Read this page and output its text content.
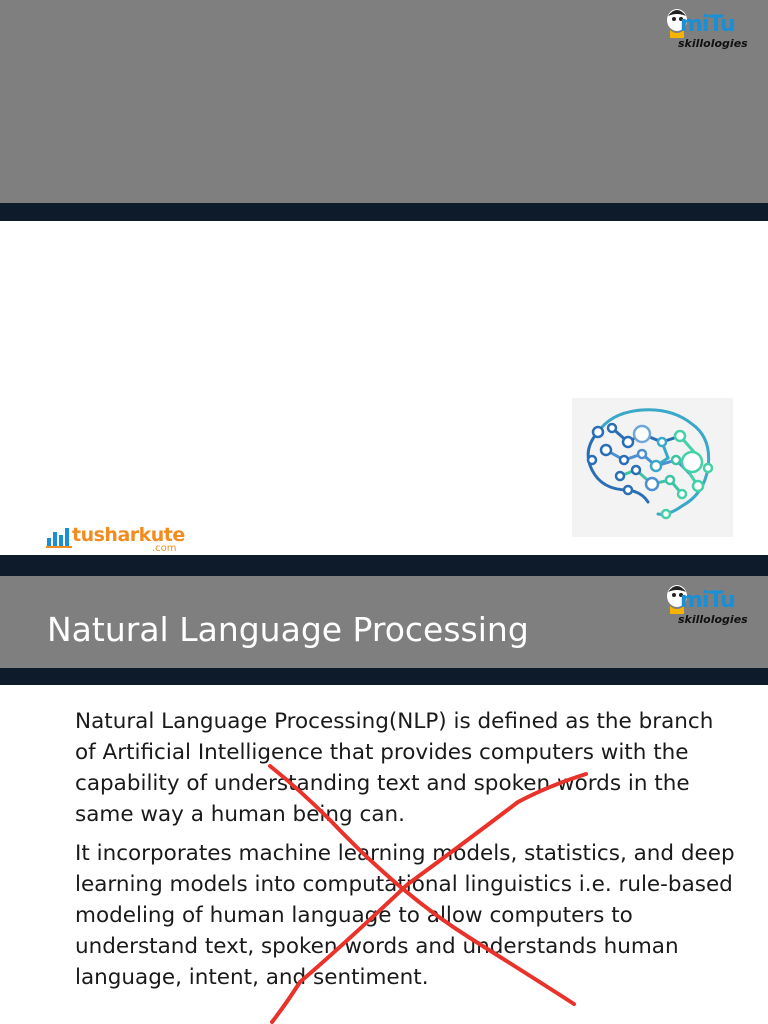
miTu
skillologies
tusharkute
.com
Natural Language Processing
miTu
skillologies

Natural Language Processing(NLP) is defined as the branch of Artificial Intelligence that provides computers with the capability of understanding text and spoken words in the same way a human being can.

It incorporates machine learning models, statistics, and deep learning models into computational linguistics i.e. rule-based modeling of human language to allow computers to understand text, spoken words and understands human language, intent, and sentiment.
